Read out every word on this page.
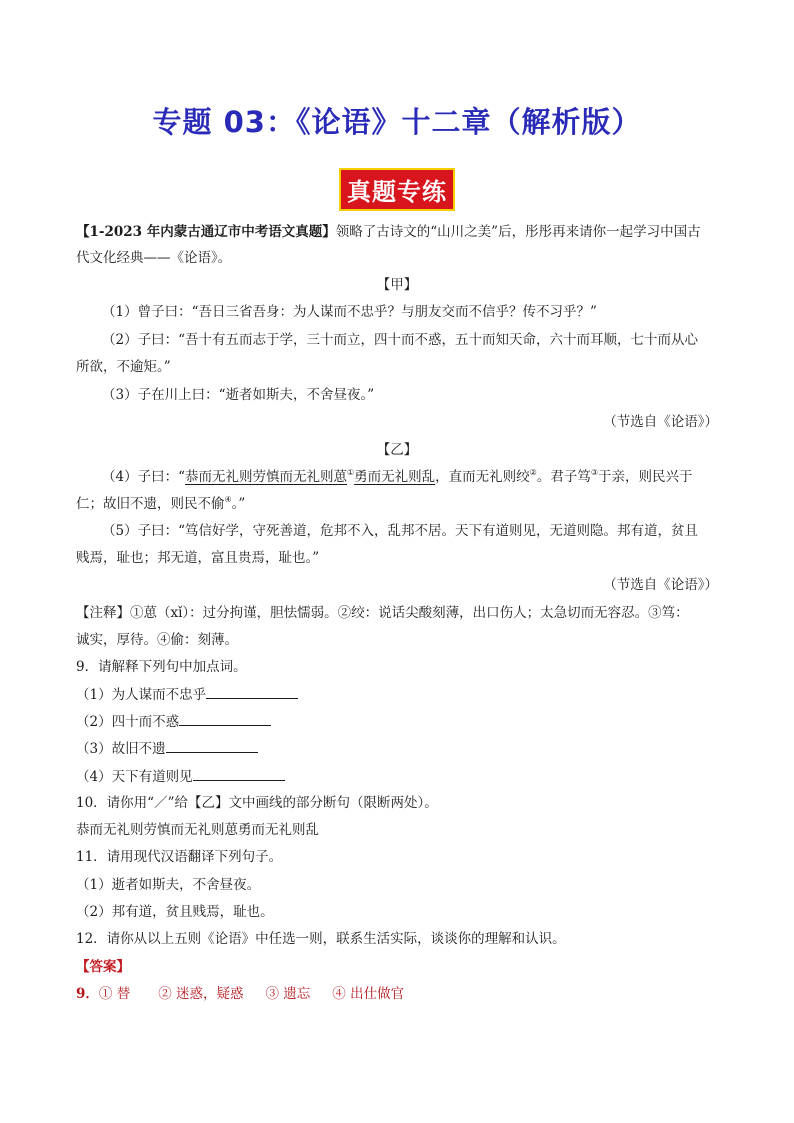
专题 03：《论语》十二章（解析版）
真题专练
【1-2023 年内蒙古通辽市中考语文真题】领略了古诗文的“山川之美”后，彤彤再来请你一起学习中国古
代文化经典——《论语》。
【甲】
（1）曾子曰：“吾日三省吾身：为人谋而不忠乎？与朋友交而不信乎？传不习乎？”
（2）子曰：“吾十有五而志于学，三十而立，四十而不惑，五十而知天命，六十而耳顺，七十而从心
所欲，不逾矩。”
（3）子在川上曰：“逝者如斯夫，不舍昼夜。”
（节选自《论语》）
【乙】
（4）子曰：“恭而无礼则劳慎而无礼则葸①勇而无礼则乱，直而无礼则绞②。君子笃③于亲，则民兴于
仁；故旧不遗，则民不偷④。”
（5）子曰：“笃信好学，守死善道，危邦不入，乱邦不居。天下有道则见，无道则隐。邦有道，贫且
贱焉，耻也；邦无道，富且贵焉，耻也。”
（节选自《论语》）
【注释】①葸（xǐ）：过分拘谨，胆怯懦弱。②绞：说话尖酸刻薄，出口伤人；太急切而无容忍。③笃：
诚实，厚待。④偷：刻薄。
9．请解释下列句中加点词。
（1）为人谋而不忠乎
（2）四十而不惑
（3）故旧不遗
（4）天下有道则见
10．请你用“／”给【乙】文中画线的部分断句（限断两处）。
恭而无礼则劳慎而无礼则葸勇而无礼则乱
11．请用现代汉语翻译下列句子。
（1）逝者如斯夫，不舍昼夜。
（2）邦有道，贫且贱焉，耻也。
12．请你从以上五则《论语》中任选一则，联系生活实际，谈谈你的理解和认识。
【答案】
9．① 替 ② 迷惑，疑惑 ③ 遗忘 ④ 出仕做官
